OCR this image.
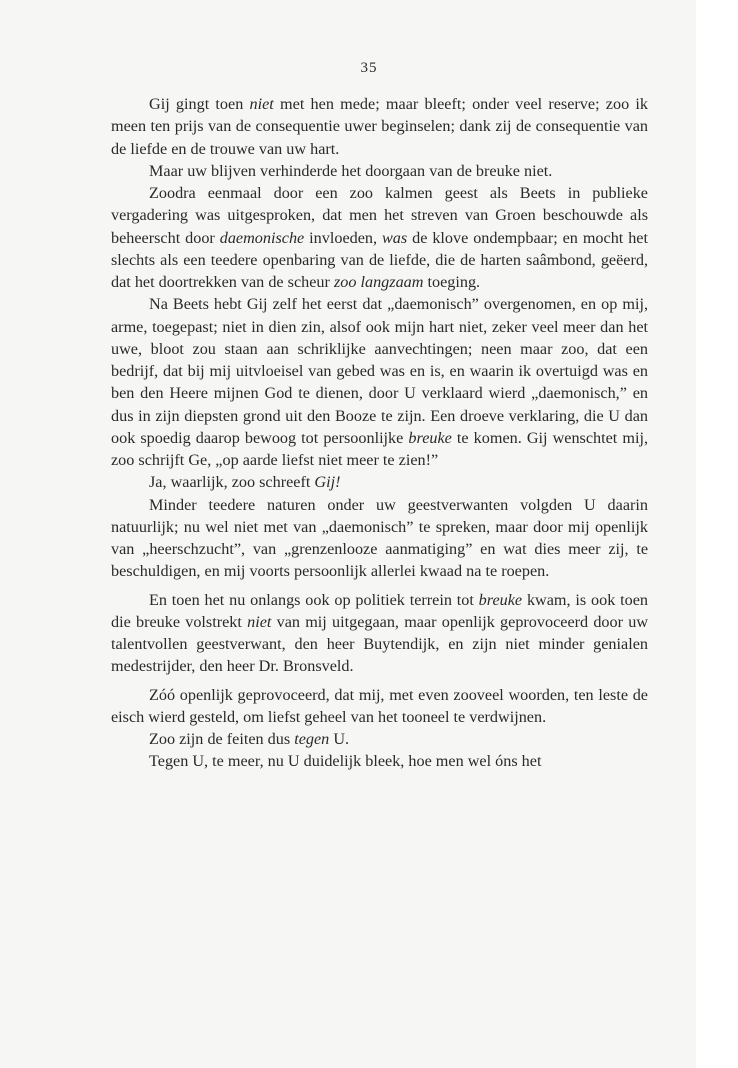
35

Gij gingt toen niet met hen mede; maar bleeft; onder veel reserve; zoo ik meen ten prijs van de consequentie uwer beginselen; dank zij de consequentie van de liefde en de trouwe van uw hart.

Maar uw blijven verhinderde het doorgaan van de breuke niet.

Zoodra eenmaal door een zoo kalmen geest als Beets in publieke vergadering was uitgesproken, dat men het streven van Groen beschouwde als beheerscht door daemonische invloeden, was de klove ondempbaar; en mocht het slechts als een teedere openbaring van de liefde, die de harten saâmbond, geëerd, dat het doortrekken van de scheur zoo langzaam toeging.

Na Beets hebt Gij zelf het eerst dat „daemonisch” overgenomen, en op mij, arme, toegepast; niet in dien zin, alsof ook mijn hart niet, zeker veel meer dan het uwe, bloot zou staan aan schriklijke aanvechtingen; neen maar zoo, dat een bedrijf, dat bij mij uitvloeisel van gebed was en is, en waarin ik overtuigd was en ben den Heere mijnen God te dienen, door U verklaard wierd „daemonisch,” en dus in zijn diepsten grond uit den Booze te zijn. Een droeve verklaring, die U dan ook spoedig daarop bewoog tot persoonlijke breuke te komen. Gij wenschtet mij, zoo schrijft Ge, „op aarde liefst niet meer te zien!”

Ja, waarlijk, zoo schreeft Gij!

Minder teedere naturen onder uw geestverwanten volgden U daarin natuurlijk; nu wel niet met van „daemonisch” te spreken, maar door mij openlijk van „heerschzucht”, van „grenzenlooze aanmatiging” en wat dies meer zij, te beschuldigen, en mij voorts persoonlijk allerlei kwaad na te roepen.

En toen het nu onlangs ook op politiek terrein tot breuke kwam, is ook toen die breuke volstrekt niet van mij uitgegaan, maar openlijk geprovoceerd door uw talentvollen geestverwant, den heer Buytendijk, en zijn niet minder genialen medestrijder, den heer Dr. Bronsveld.

Zóó openlijk geprovoceerd, dat mij, met even zooveel woorden, ten leste de eisch wierd gesteld, om liefst geheel van het tooneel te verdwijnen.

Zoo zijn de feiten dus tegen U.

Tegen U, te meer, nu U duidelijk bleek, hoe men wel óns het
